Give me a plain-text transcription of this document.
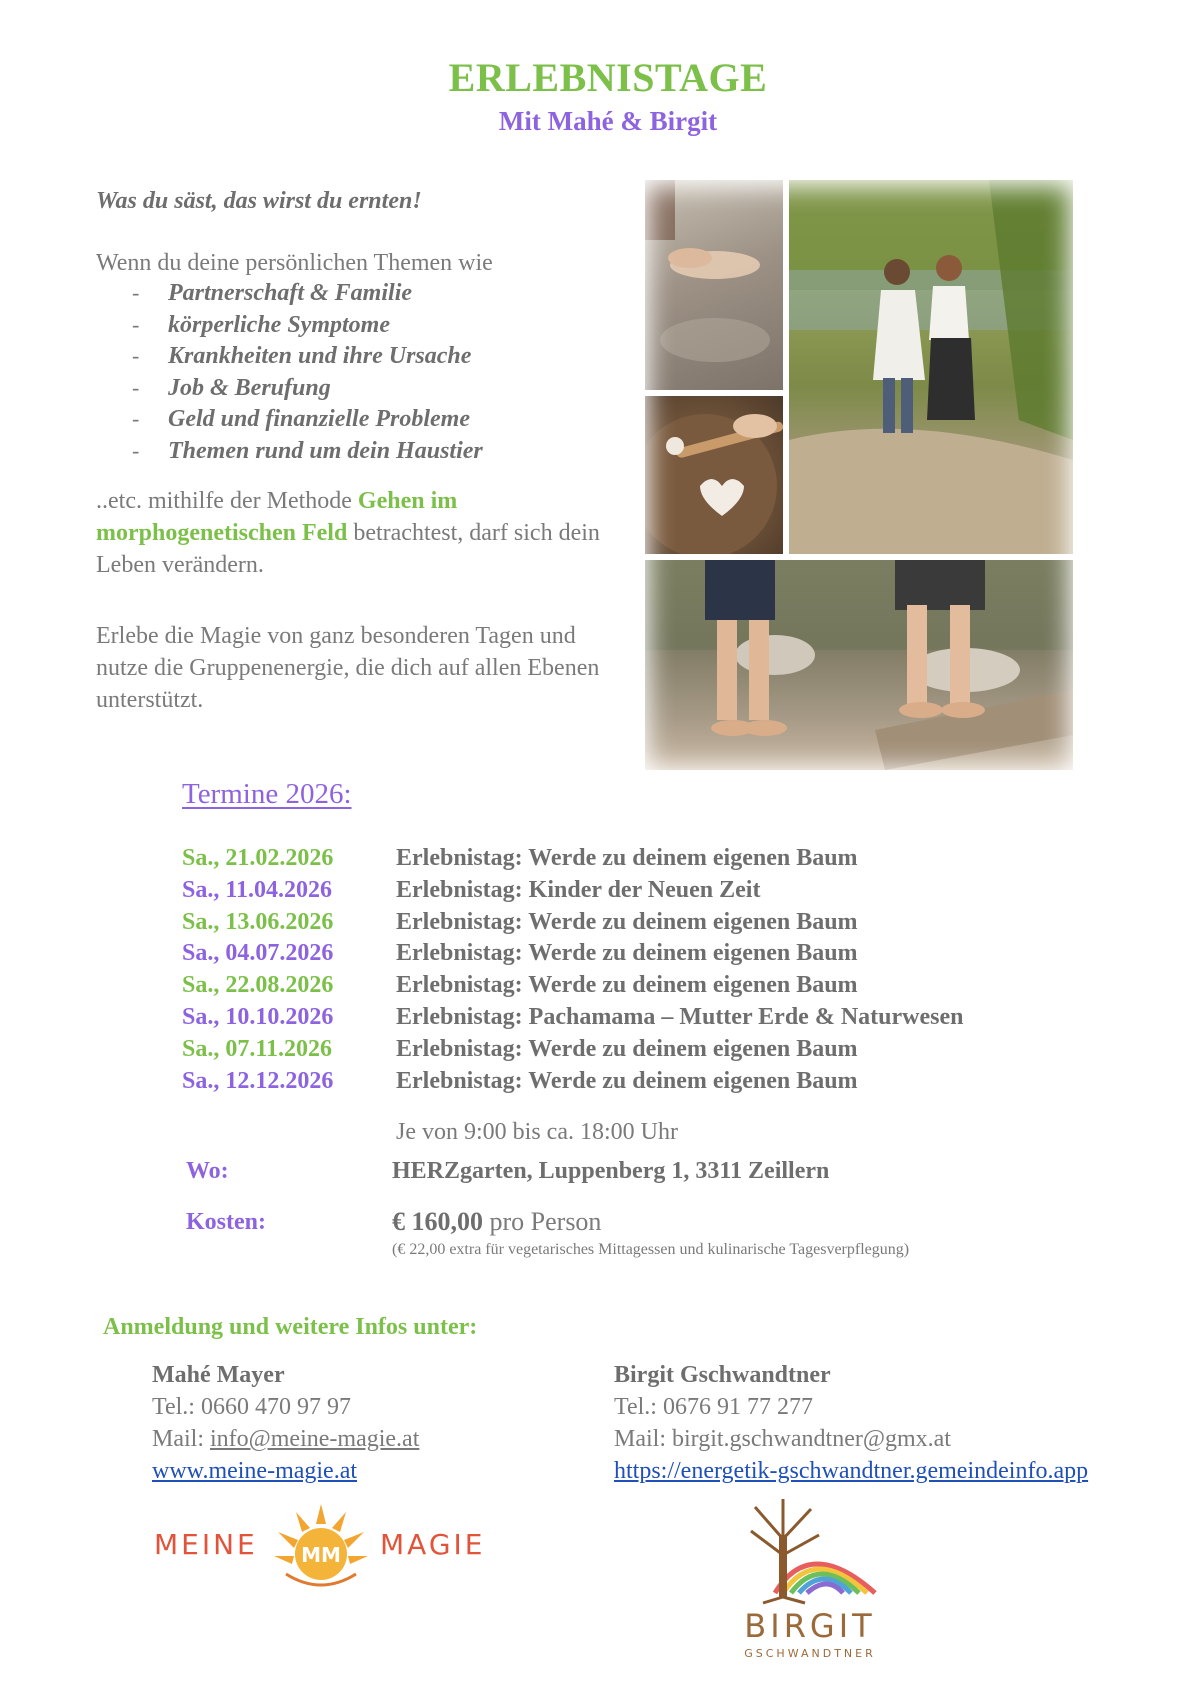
ERLEBNISTAGE
Mit Mahé & Birgit
Was du säst, das wirst du ernten!
Wenn du deine persönlichen Themen wie
- Partnerschaft & Familie
- körperliche Symptome
- Krankheiten und ihre Ursache
- Job & Berufung
- Geld und finanzielle Probleme
- Themen rund um dein Haustier
..etc. mithilfe der Methode Gehen im morphogenetischen Feld betrachtest, darf sich dein Leben verändern.
Erlebe die Magie von ganz besonderen Tagen und nutze die Gruppenenergie, die dich auf allen Ebenen unterstützt.
Termine 2026:
Sa., 21.02.2026	Erlebnistag: Werde zu deinem eigenen Baum
Sa., 11.04.2026	Erlebnistag: Kinder der Neuen Zeit
Sa., 13.06.2026	Erlebnistag: Werde zu deinem eigenen Baum
Sa., 04.07.2026	Erlebnistag: Werde zu deinem eigenen Baum
Sa., 22.08.2026	Erlebnistag: Werde zu deinem eigenen Baum
Sa., 10.10.2026	Erlebnistag: Pachamama – Mutter Erde & Naturwesen
Sa., 07.11.2026	Erlebnistag: Werde zu deinem eigenen Baum
Sa., 12.12.2026	Erlebnistag: Werde zu deinem eigenen Baum
Je von 9:00 bis ca. 18:00 Uhr
Wo:	HERZgarten, Luppenberg 1, 3311 Zeillern
Kosten:	€ 160,00 pro Person
(€ 22,00 extra für vegetarisches Mittagessen und kulinarische Tagesverpflegung)
Anmeldung und weitere Infos unter:
Mahé Mayer
Tel.: 0660 470 97 97
Mail: info@meine-magie.at
www.meine-magie.at
Birgit Gschwandtner
Tel.: 0676 91 77 277
Mail: birgit.gschwandtner@gmx.at
https://energetik-gschwandtner.gemeindeinfo.app
MEINE MM MAGIE
BIRGIT
GSCHWANDTNER
